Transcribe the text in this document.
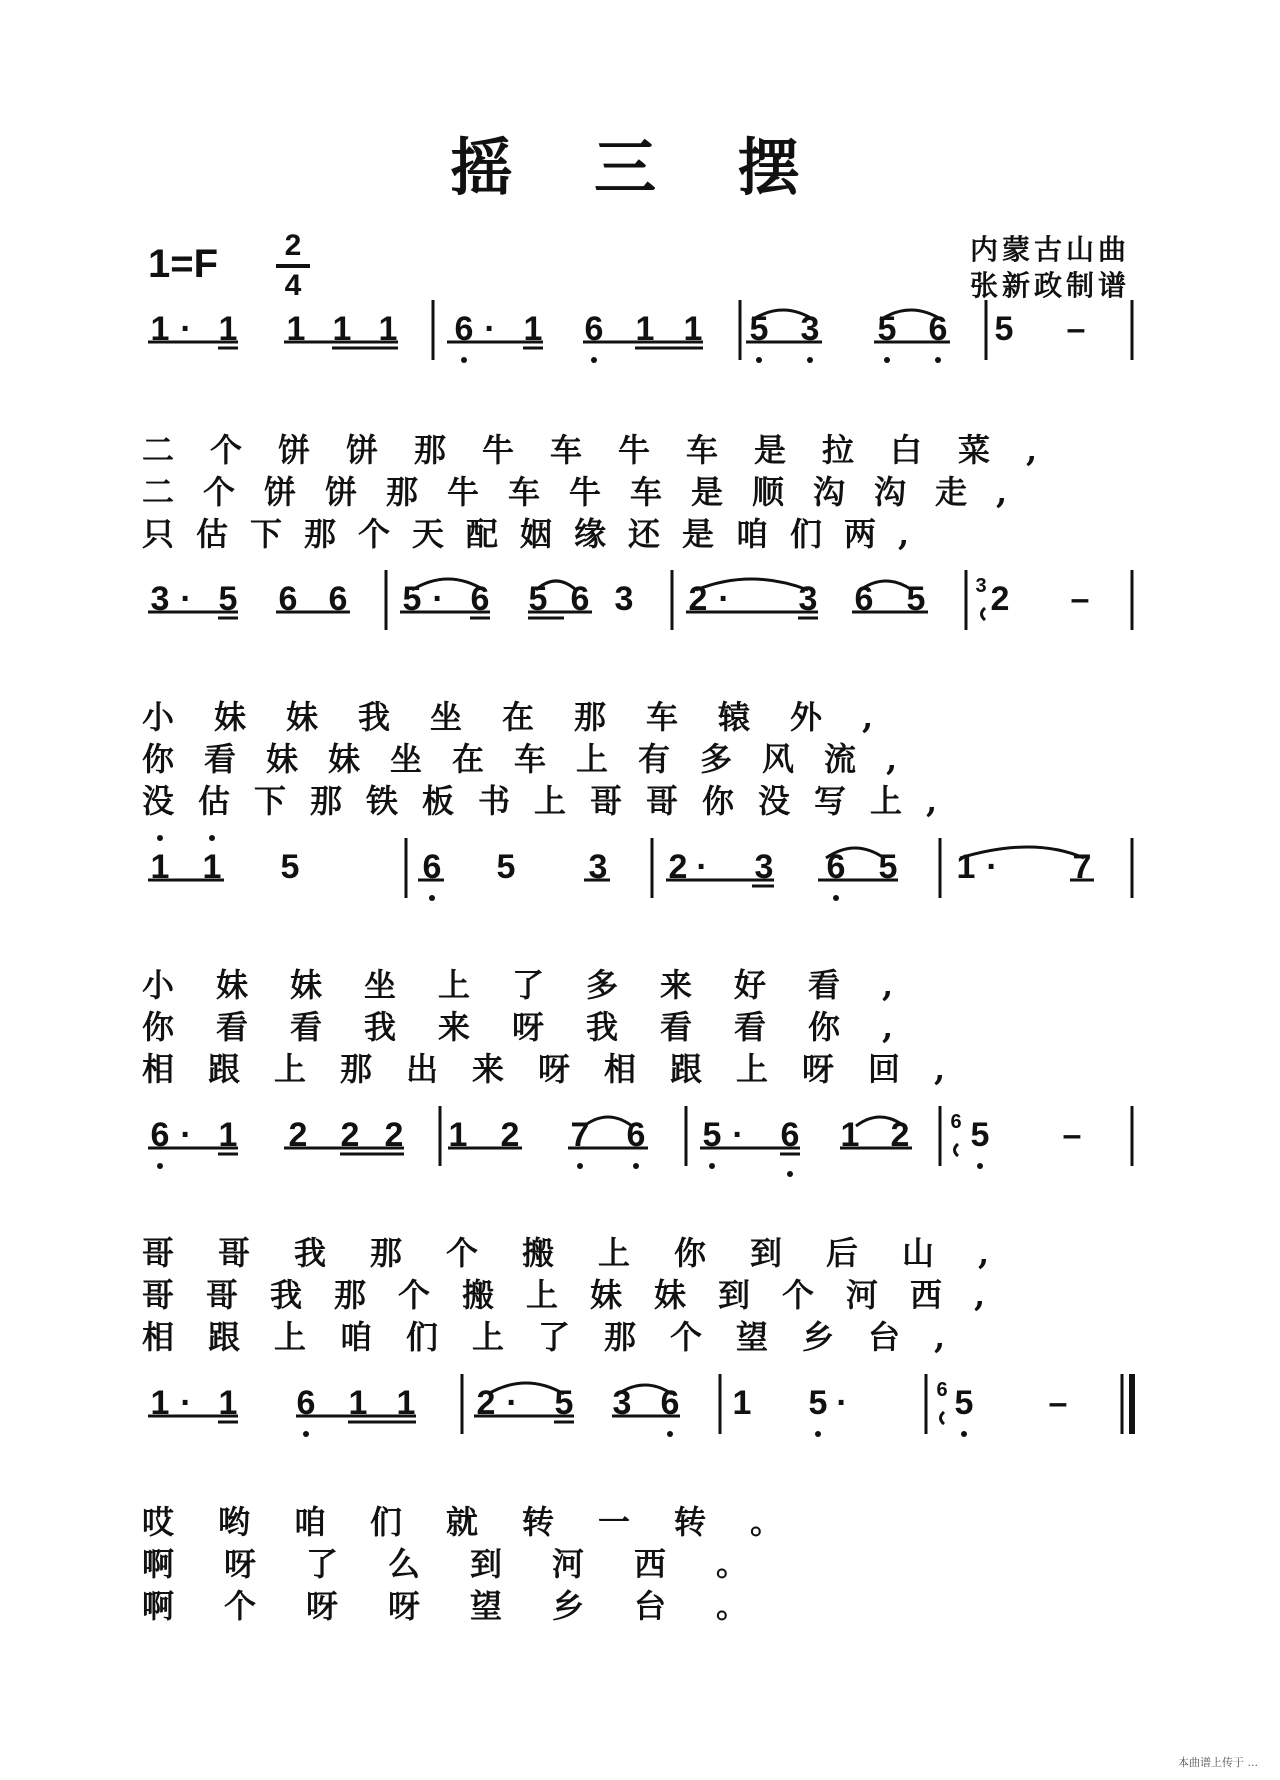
摇 三 摆
1=F 2
4
内蒙古山曲
张新政制谱
1 · 1 1 1 1 6 · 1 6 1 1 5 3 5 6 5 –
二个饼饼那牛车牛车是拉白菜,
二个饼饼那牛车牛车是顺沟沟走,
只估下那个天配姻缘还是咱们两,
3 · 5 6 6 5 · 6 5 6 3 2 · 3 6 5 3 2 –
小妹妹我坐在那车辕外,
你看妹妹坐在车上有多风流,
没估下那铁板书上哥哥你没写上,
1 1 5	6 5 3 2 · 3 6 5 1 · 7
小妹妹坐上了多来好看,
你看看我来呀我看看你,
相跟上那出来呀相跟上呀回,
6 · 1 2 2 2 1 2 7 6 5 · 6 1 2 6 5 –
哥哥我那个搬上你到后山,
哥哥我那个搬上妹妹到个河西,
相跟上咱们上了那个望乡台,
1 · 1 6 1 1 2 · 5 3 6 1 5 ·	6 5 –
哎哟咱们就转一转。
啊呀了么到河西。
啊个呀呀望乡台。
本曲谱上传于 ...
